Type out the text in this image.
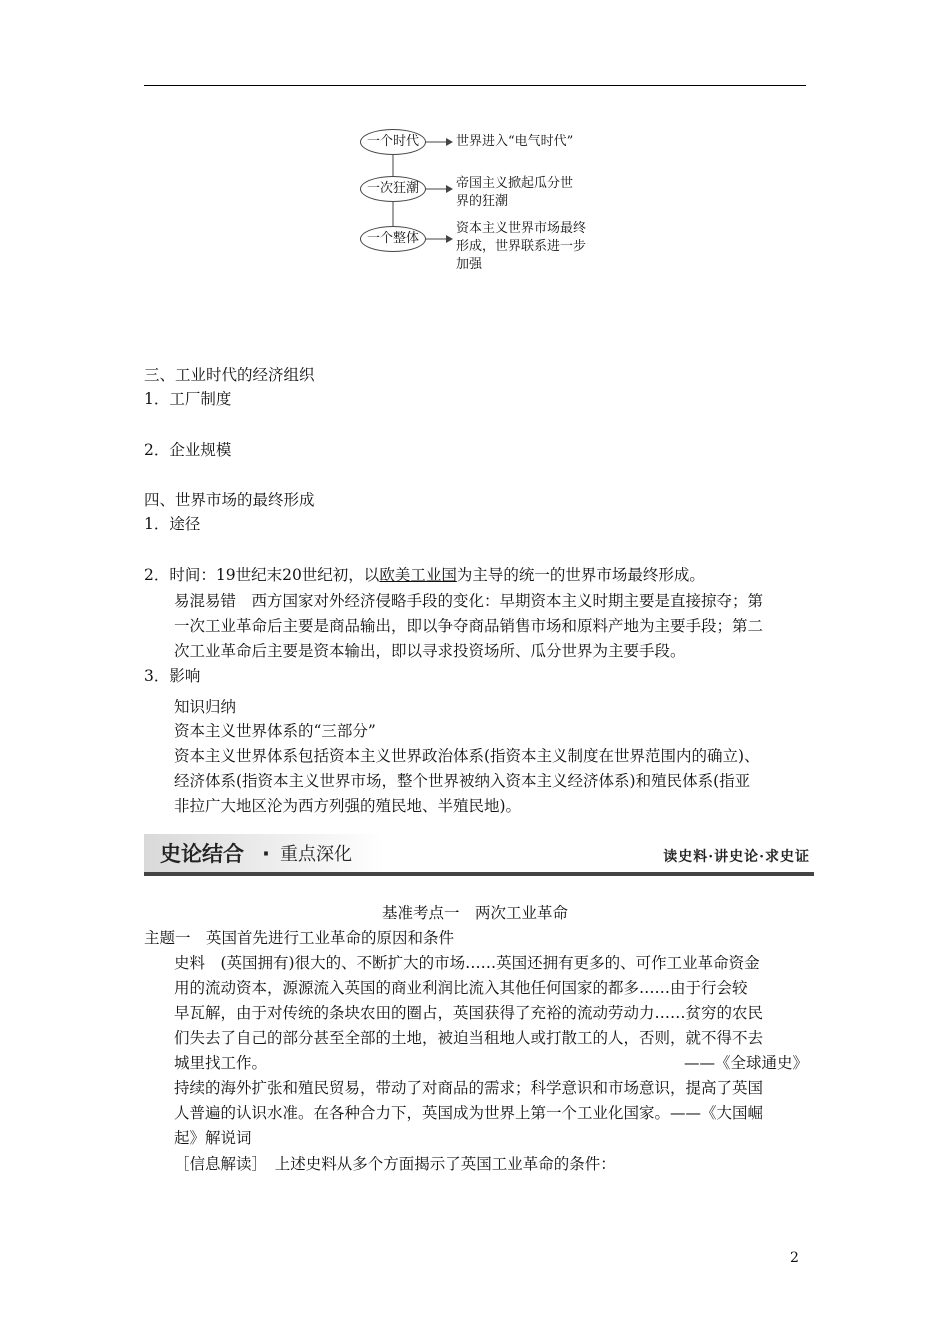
一个时代
一次狂潮
一个整体
世界进入“电气时代”
帝国主义掀起瓜分世
界的狂潮
资本主义世界市场最终
形成，世界联系进一步
加强
三、工业时代的经济组织
1．工厂制度
2．企业规模
四、世界市场的最终形成
1．途径
2．时间：19世纪末20世纪初，以欧美工业国为主导的统一的世界市场最终形成。
易混易错　西方国家对外经济侵略手段的变化：早期资本主义时期主要是直接掠夺；第
一次工业革命后主要是商品输出，即以争夺商品销售市场和原料产地为主要手段；第二
次工业革命后主要是资本输出，即以寻求投资场所、瓜分世界为主要手段。
3．影响
知识归纳
资本主义世界体系的“三部分”
资本主义世界体系包括资本主义世界政治体系(指资本主义制度在世界范围内的确立)、
经济体系(指资本主义世界市场，整个世界被纳入资本主义经济体系)和殖民体系(指亚
非拉广大地区沦为西方列强的殖民地、半殖民地)。
史论结合 · 重点深化	读史料·讲史论·求史证
基准考点一　两次工业革命
主题一　英国首先进行工业革命的原因和条件
史料　(英国拥有)很大的、不断扩大的市场……英国还拥有更多的、可作工业革命资金
用的流动资本，源源流入英国的商业利润比流入其他任何国家的都多……由于行会较
早瓦解，由于对传统的条块农田的圈占，英国获得了充裕的流动劳动力……贫穷的农民
们失去了自己的部分甚至全部的土地，被迫当租地人或打散工的人，否则，就不得不去
城里找工作。	——《全球通史》
持续的海外扩张和殖民贸易，带动了对商品的需求；科学意识和市场意识，提高了英国
人普遍的认识水准。在各种合力下，英国成为世界上第一个工业化国家。——《大国崛
起》解说词
［信息解读］　上述史料从多个方面揭示了英国工业革命的条件：
2
